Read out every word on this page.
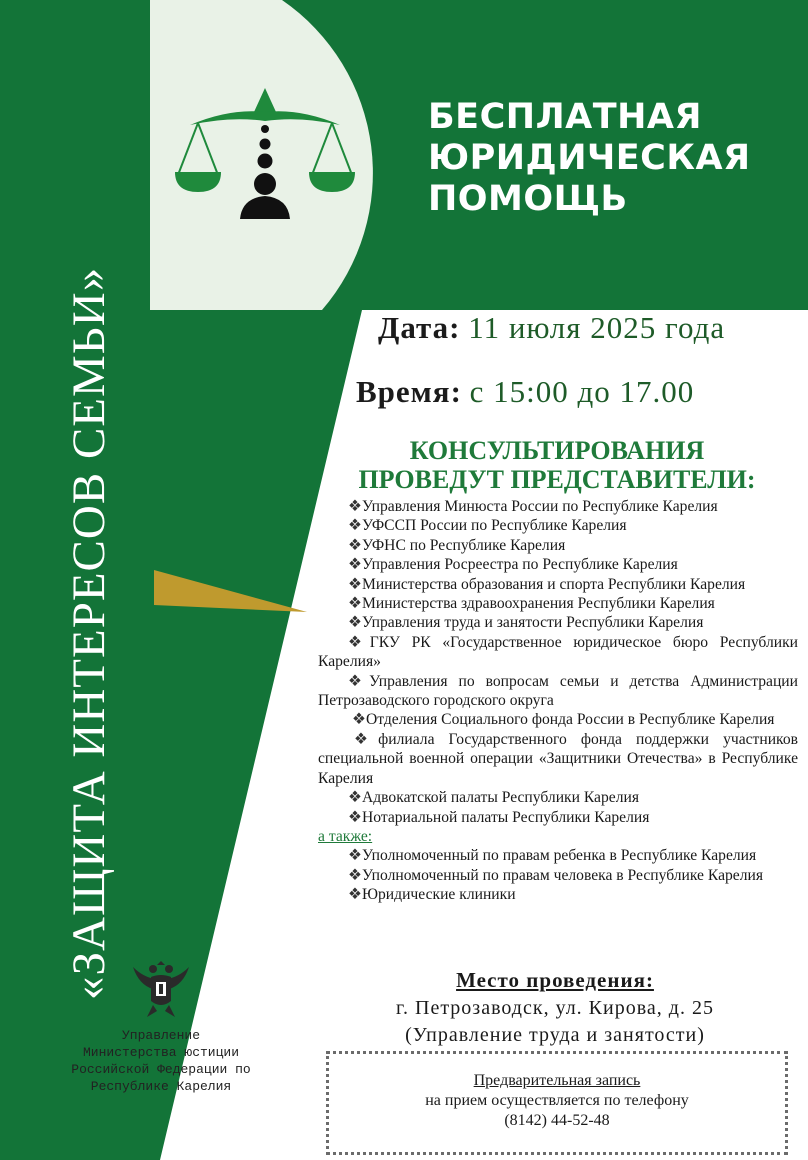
«ЗАЩИТА ИНТЕРЕСОВ СЕМЬИ»
БЕСПЛАТНАЯ
ЮРИДИЧЕСКАЯ
ПОМОЩЬ
Дата: 11 июля 2025 года
Время: с 15:00 до 17.00
КОНСУЛЬТИРОВАНИЯ
ПРОВЕДУТ ПРЕДСТАВИТЕЛИ:

❖Управления Минюста России по Республике Карелия

❖УФССП России по Республике Карелия

❖УФНС по Республике Карелия

❖Управления Росреестра по Республике Карелия

❖Министерства образования и спорта Республики Карелия

❖Министерства здравоохранения Республики Карелия

❖Управления труда и занятости Республики Карелия

❖ГКУ РК «Государственное юридическое бюро Республики Карелия»

❖Управления по вопросам семьи и детства Администрации Петрозаводского городского округа

❖Отделения Социального фонда России в Республике Карелия

❖филиала Государственного фонда поддержки участников специальной военной операции «Защитники Отечества» в Республике Карелия

❖Адвокатской палаты Республики Карелия

❖Нотариальной палаты Республики Карелия

а также:

❖Уполномоченный по правам ребенка в Республике Карелия

❖Уполномоченный по правам человека в Республике Карелия

❖Юридические клиники

Управление
Министерства юстиции
Российской Федерации по
Республике Карелия
Место проведения:
г. Петрозаводск, ул. Кирова, д. 25
(Управление труда и занятости)
Предварительная запись
на прием осуществляется по телефону
(8142) 44-52-48
